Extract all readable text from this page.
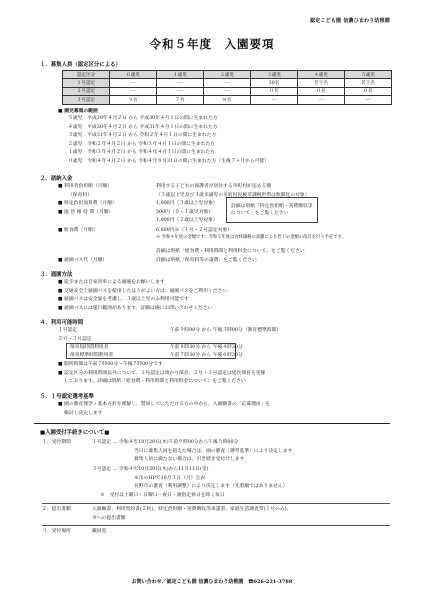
認定こども園 信濃ひまわり幼稚園
令和５年度　入園要項
１．募集人員（認定区分による）
認定区分	０歳児	１歳児	２歳児	３歳児	４歳児	５歳児
１号認定	ー	ー	ー	30名	若干名	若干名
２号認定	ー	ー	ー	０名	０名	０名
３号認定	９名	７名	８名	ー	ー	ー
■ 園児募集の範囲
５歳児　平成29年４月２日 から 平成30年４月１日の間に生まれた方
４歳児　平成30年４月２日 から 平成31年４月１日の間に生まれた方
３歳児　平成31年４月２日 から 令和２年４月１日の間に生まれた方
２歳児　令和２年４月２日 から 令和３年４月１日の間に生まれた方
１歳児　令和３年４月２日 から 令和４年４月１日の間に生まれた方
０歳児　令和４年４月２日 から 令和４年８月31日の間に生まれた方（生後７ヶ月から可能）
２．諸納入金
■ 利用者負担額（月額）	利用する子どもの保護者が居住する市町村が定める額
（保育料）	（３歳以上児及び３歳未満児の市町村民税非課税世帯は無償化の対象）
■ 特定負担加算費（月額）	1,000円（３歳以上児対象）
■ 運 営 維 持 費（月額）	500円（０・１歳児対象）
1,000円（２歳以上児対象）
詳細は別紙「特定負担額・実費徴収等について」をご覧ください
■ 給食費（月額）	6,600円※（１号・２号認定対象）
※ 令和４年度の金額です。令和５年度は食材価格の高騰により若干の金額の改訂を行う予定です。
詳細は別紙「給食費・利用時間と利用料金について」をご覧ください
■ 通園バス代（月額）	詳細は別紙「保育料等の諸費」をご覧ください
３．通園方法
■ 徒歩または自家用車による通園をお願いします
■ 交通安全上通園バスを使用したほうがよい方は、通園バスをご利用ください
■ 通園バスは安全面を考慮し、３歳以上児のみ利用可能です
■ 通園バスには運行範囲があります。詳細は園にお問い合わせください
４．利用可能時間
１号認定	午前９時00分 から 午後３時00分（教育標準時間）
２号・３号認定
保育短時間利用者	午前８時30分 から 午後４時30分
保育標準時間利用者	午前７時30分 から 午後６時30分
■ 開所時間は午前７時00分〜午後７時00分です
■ 認定区分の利用時間以外について、１号認定は預かり保育、２号・３号認定は延長保育を実施
しております。詳細は別紙「給食費・利用時間と利用料金について」をご覧ください
５．１号認定選考基準
■ 園の教育理念・基本方針を理解し、賛同していただける方の中から、入園願書の「応募理由」を
検討し決定します
■入園受付手続きについて■
１．受付期間	１号認定 … 令和４年10月20日(木)午前９時00分から午後５時00分
当日に募集人員を超えた場合は、園の審査（選考基準）により決定します
募集人員に満たない場合は、引き続き受付けします
３号認定 … 令和４年10月20日(木)から11月11日(金)
※市のHPで10月３日（月）公表
長野市の審査（利用調整）により決定します（先着順ではありません）
※　受付は土曜日・日曜日・祝日・園指定休日を除く毎日
２．提出書類	入園願書、利用契約書(２枚)、特定負担額・実費徴収等承諾書、家庭生活調査票(１号のみ)、
市への提出書類
３．受付場所	職員室
お問い合わせ／認定こども園 信濃ひまわり幼稚園　☎026-221-3788
